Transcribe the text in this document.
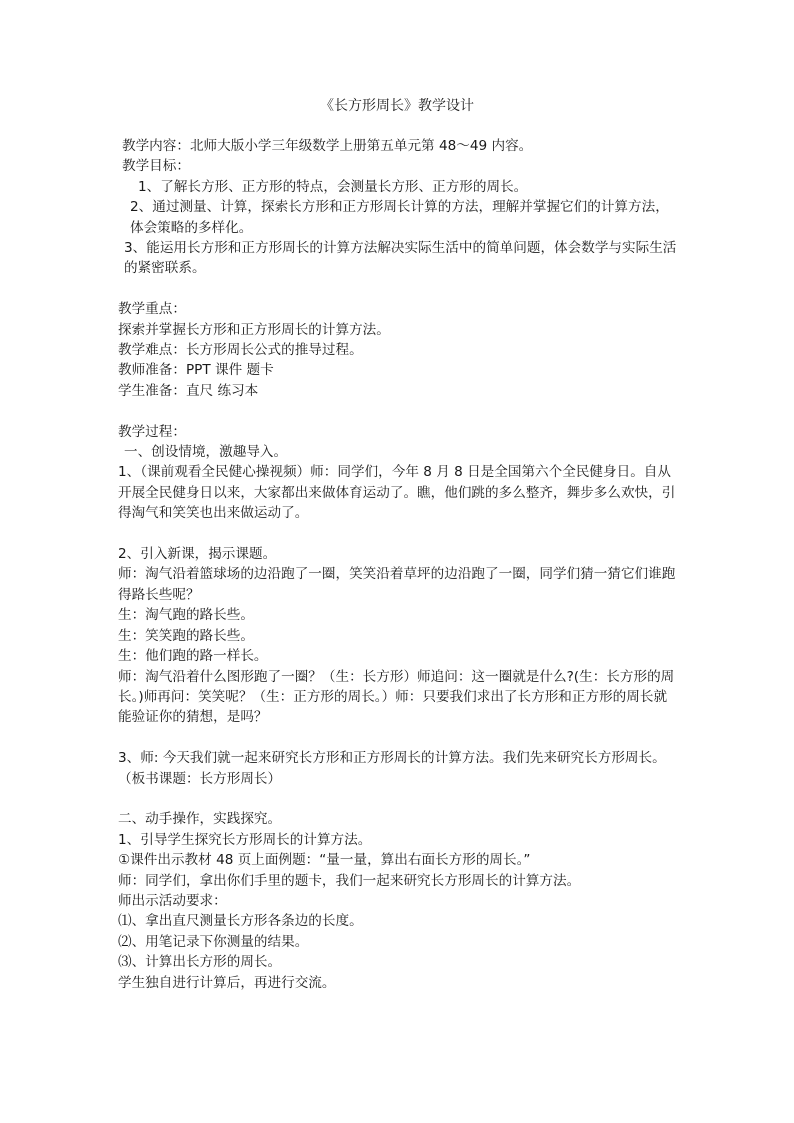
《长方形周长》教学设计

教学内容：北师大版小学三年级数学上册第五单元第 48～49 内容。

教学目标：

1、了解长方形、正方形的特点，会测量长方形、正方形的周长。

2、通过测量、计算，探索长方形和正方形周长计算的方法，理解并掌握它们的计算方法，体会策略的多样化。

3、能运用长方形和正方形周长的计算方法解决实际生活中的简单问题，体会数学与实际生活的紧密联系。

教学重点：

探索并掌握长方形和正方形周长的计算方法。

教学难点：长方形周长公式的推导过程。

教师准备：PPT 课件 题卡

学生准备：直尺 练习本

教学过程：

一、创设情境，激趣导入。

1、（课前观看全民健心操视频）师：同学们，今年 8 月 8 日是全国第六个全民健身日。自从开展全民健身日以来，大家都出来做体育运动了。瞧，他们跳的多么整齐，舞步多么欢快，引得淘气和笑笑也出来做运动了。

2、引入新课，揭示课题。

师：淘气沿着篮球场的边沿跑了一圈，笑笑沿着草坪的边沿跑了一圈，同学们猜一猜它们谁跑得路长些呢？

生：淘气跑的路长些。

生：笑笑跑的路长些。

生：他们跑的路一样长。

师：淘气沿着什么图形跑了一圈？（生：长方形）师追问：这一圈就是什么?(生：长方形的周长。)师再问：笑笑呢？（生：正方形的周长。）师：只要我们求出了长方形和正方形的周长就能验证你的猜想，是吗？

3、师: 今天我们就一起来研究长方形和正方形周长的计算方法。我们先来研究长方形周长。（板书课题：长方形周长）

二、动手操作，实践探究。

1、引导学生探究长方形周长的计算方法。

①课件出示教材 48 页上面例题：“量一量，算出右面长方形的周长。”

师：同学们，拿出你们手里的题卡，我们一起来研究长方形周长的计算方法。

师出示活动要求：

⑴、拿出直尺测量长方形各条边的长度。

⑵、用笔记录下你测量的结果。

⑶、计算出长方形的周长。

学生独自进行计算后，再进行交流。
